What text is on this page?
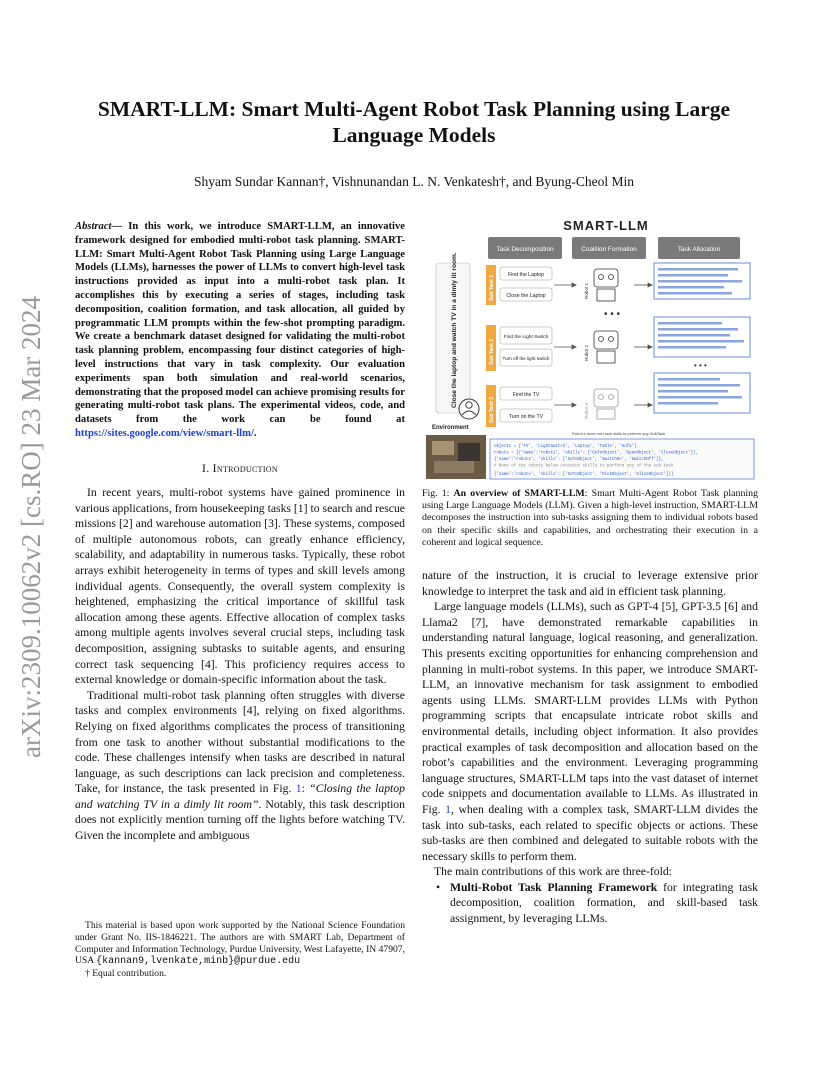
arXiv:2309.10062v2 [cs.RO] 23 Mar 2024
SMART-LLM: Smart Multi-Agent Robot Task Planning using Large Language Models
Shyam Sundar Kannan†, Vishnunandan L. N. Venkatesh†, and Byung-Cheol Min
Abstract— In this work, we introduce SMART-LLM, an innovative framework designed for embodied multi-robot task planning. SMART-LLM: Smart Multi-Agent Robot Task Planning using Large Language Models (LLMs), harnesses the power of LLMs to convert high-level task instructions provided as input into a multi-robot task plan. It accomplishes this by executing a series of stages, including task decomposition, coalition formation, and task allocation, all guided by programmatic LLM prompts within the few-shot prompting paradigm. We create a benchmark dataset designed for validating the multi-robot task planning problem, encompassing four distinct categories of high-level instructions that vary in task complexity. Our evaluation experiments span both simulation and real-world scenarios, demonstrating that the proposed model can achieve promising results for generating multi-robot task plans. The experimental videos, code, and datasets from the work can be found at https://sites.google.com/view/smart-llm/.
I. Introduction

In recent years, multi-robot systems have gained prominence in various applications, from housekeeping tasks [1] to search and rescue missions [2] and warehouse automation [3]. These systems, composed of multiple autonomous robots, can greatly enhance efficiency, scalability, and adaptability in numerous tasks. Typically, these robot arrays exhibit heterogeneity in terms of types and skill levels among individual agents. Consequently, the overall system complexity is heightened, emphasizing the critical importance of skillful task allocation among these agents. Effective allocation of complex tasks among multiple agents involves several crucial steps, including task decomposition, assigning subtasks to suitable agents, and ensuring correct task sequencing [4]. This proficiency requires access to external knowledge or domain-specific information about the task.

Traditional multi-robot task planning often struggles with diverse tasks and complex environments [4], relying on fixed algorithms. Relying on fixed algorithms complicates the process of transitioning from one task to another without substantial modifications to the code. These challenges intensify when tasks are described in natural language, as such descriptions can lack precision and completeness. Take, for instance, the task presented in Fig. 1: “Closing the laptop and watching TV in a dimly lit room”. Notably, this task description does not explicitly mention turning off the lights before watching TV. Given the incomplete and ambiguous

This material is based upon work supported by the National Science Foundation under Grant No. IIS-1846221. The authors are with SMART Lab, Department of Computer and Information Technology, Purdue University, West Lafayette, IN 47907, USA {kannan9,lvenkate,minb}@purdue.edu

† Equal contribution.

SMART-LLM
Task Decomposition	Coalition Formation	Task Allocation
Close the laptop and watch TV in a dimly lit room.
Environment
Sub Task 1 Find the Laptop
Close the Laptop
Sub Task 2
Find the Light Switch
Turn off the light switch
Sub Task 3
Find the TV
Turn on the TV
Robot 1
Robot 2
Robot 3
• • •
Robot x does not have skills to perform any SubTask
• • •
objects = ['TV', 'LightSwitch', 'Laptop', 'Table', 'Sofa']
robots = [{'name':'robot1', 'skills': ['GoToObject', 'OpenObject', 'CloseObject']},
{'name':'robot2', 'skills': ['GoToObject', 'SwitchOn', 'SwitchOff']},
# None of the robots below contains skills to perform any of the sub-task
{'name':'robotx', 'skills': ['GoToObject', 'PickObject', 'SliceObject']}]
Fig. 1: An overview of SMART-LLM: Smart Multi-Agent Robot Task planning using Large Language Models (LLM). Given a high-level instruction, SMART-LLM decomposes the instruction into sub-tasks assigning them to individual robots based on their specific skills and capabilities, and orchestrating their execution in a coherent and logical sequence.

nature of the instruction, it is crucial to leverage extensive prior knowledge to interpret the task and aid in efficient task planning.

Large language models (LLMs), such as GPT-4 [5], GPT-3.5 [6] and Llama2 [7], have demonstrated remarkable capabilities in understanding natural language, logical reasoning, and generalization. This presents exciting opportunities for enhancing comprehension and planning in multi-robot systems. In this paper, we introduce SMART-LLM, an innovative mechanism for task assignment to embodied agents using LLMs. SMART-LLM provides LLMs with Python programming scripts that encapsulate intricate robot skills and environmental details, including object information. It also provides practical examples of task decomposition and allocation based on the robot’s capabilities and the environment. Leveraging programming language structures, SMART-LLM taps into the vast dataset of internet code snippets and documentation available to LLMs. As illustrated in Fig. 1, when dealing with a complex task, SMART-LLM divides the task into sub-tasks, each related to specific objects or actions. These sub-tasks are then combined and delegated to suitable robots with the necessary skills to perform them.

The main contributions of this work are three-fold:

• Multi-Robot Task Planning Framework for integrating task decomposition, coalition formation, and skill-based task assignment, by leveraging LLMs.
